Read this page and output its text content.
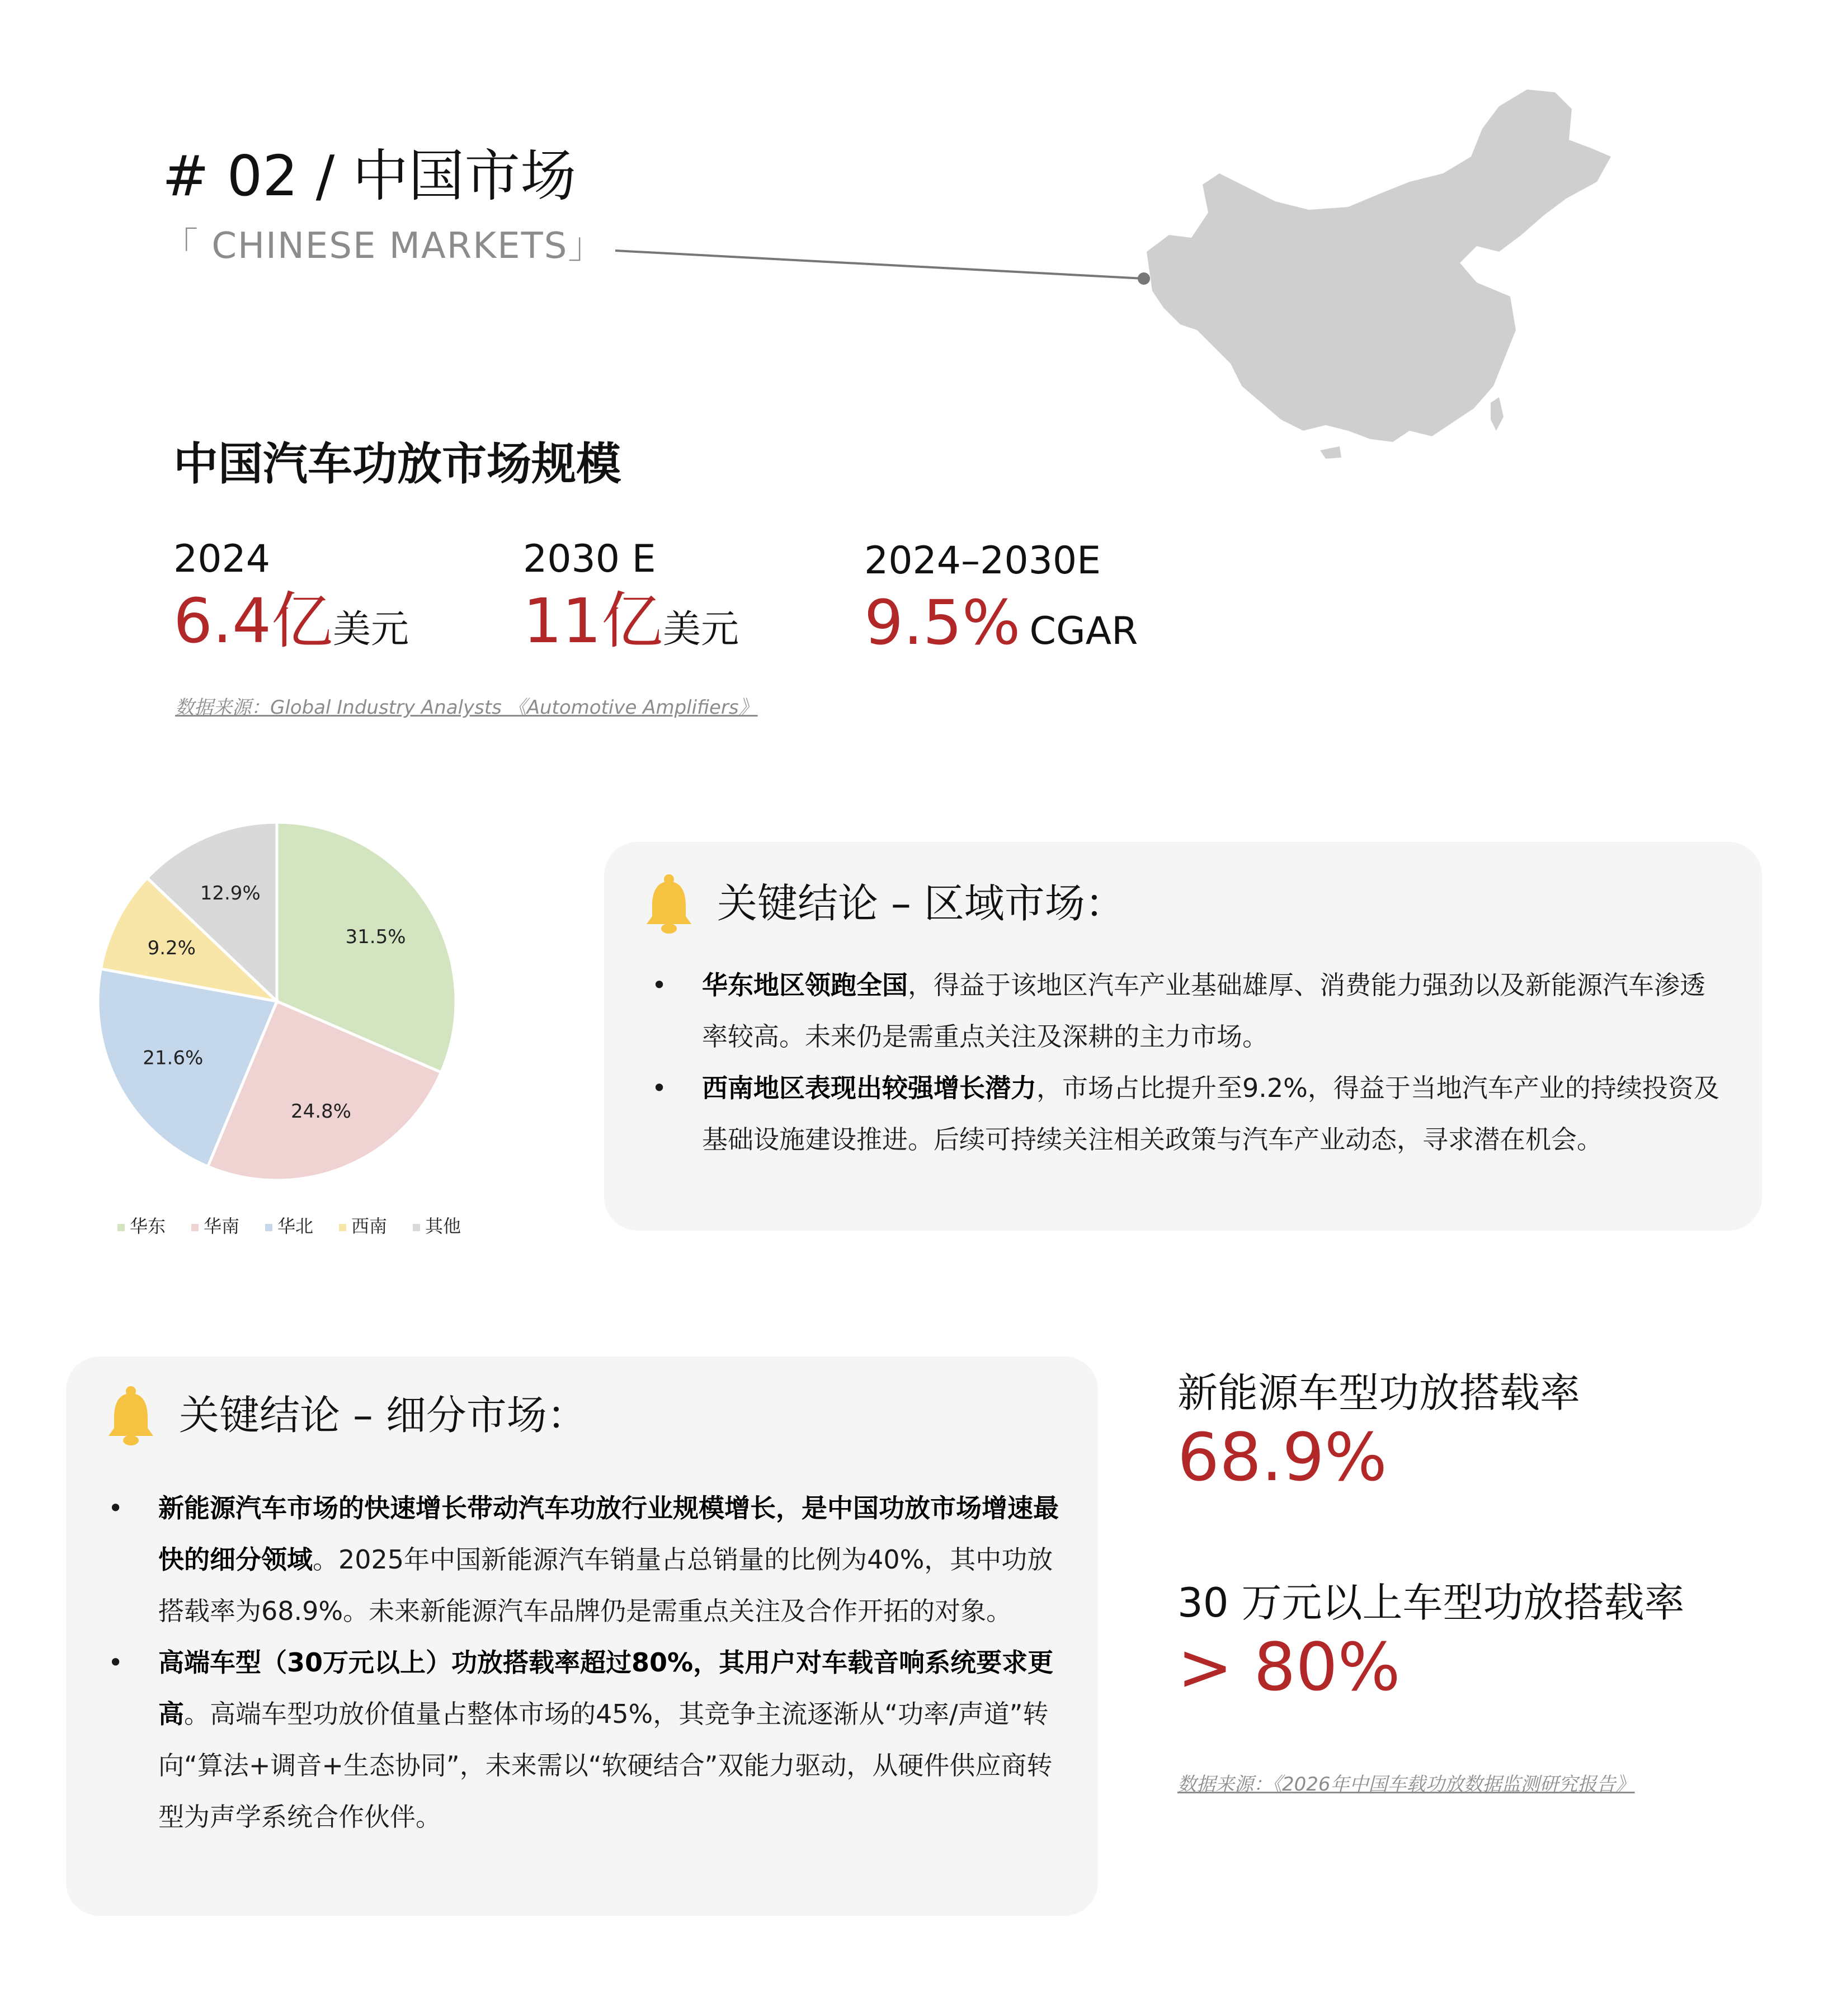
# 02 / 中国市场
「 CHINESE MARKETS」
中国汽车功放市场规模
2024
6.4亿美元
2030 E
11亿美元
2024–2030E
9.5% CGAR
数据来源：Global Industry Analysts 《Automotive Amplifiers》
31.5%
24.8%
21.6%
9.2%
12.9%
华东 华南 华北 西南 其他
关键结论 – 区域市场：
• 华东地区领跑全国，得益于该地区汽车产业基础雄厚、消费能力强劲以及新能源汽车渗透率较高。未来仍是需重点关注及深耕的主力市场。
• 西南地区表现出较强增长潜力，市场占比提升至9.2%，得益于当地汽车产业的持续投资及基础设施建设推进。后续可持续关注相关政策与汽车产业动态，寻求潜在机会。
关键结论 – 细分市场：
• 新能源汽车市场的快速增长带动汽车功放行业规模增长，是中国功放市场增速最快的细分领域。2025年中国新能源汽车销量占总销量的比例为40%，其中功放搭载率为68.9%。未来新能源汽车品牌仍是需重点关注及合作开拓的对象。
• 高端车型（30万元以上）功放搭载率超过80%，其用户对车载音响系统要求更高。高端车型功放价值量占整体市场的45%，其竞争主流逐渐从“功率/声道”转向“算法+调音+生态协同”，未来需以“软硬结合”双能力驱动，从硬件供应商转型为声学系统合作伙伴。
新能源车型功放搭载率
68.9%
30 万元以上车型功放搭载率
> 80%
数据来源：《2026年中国车载功放数据监测研究报告》
